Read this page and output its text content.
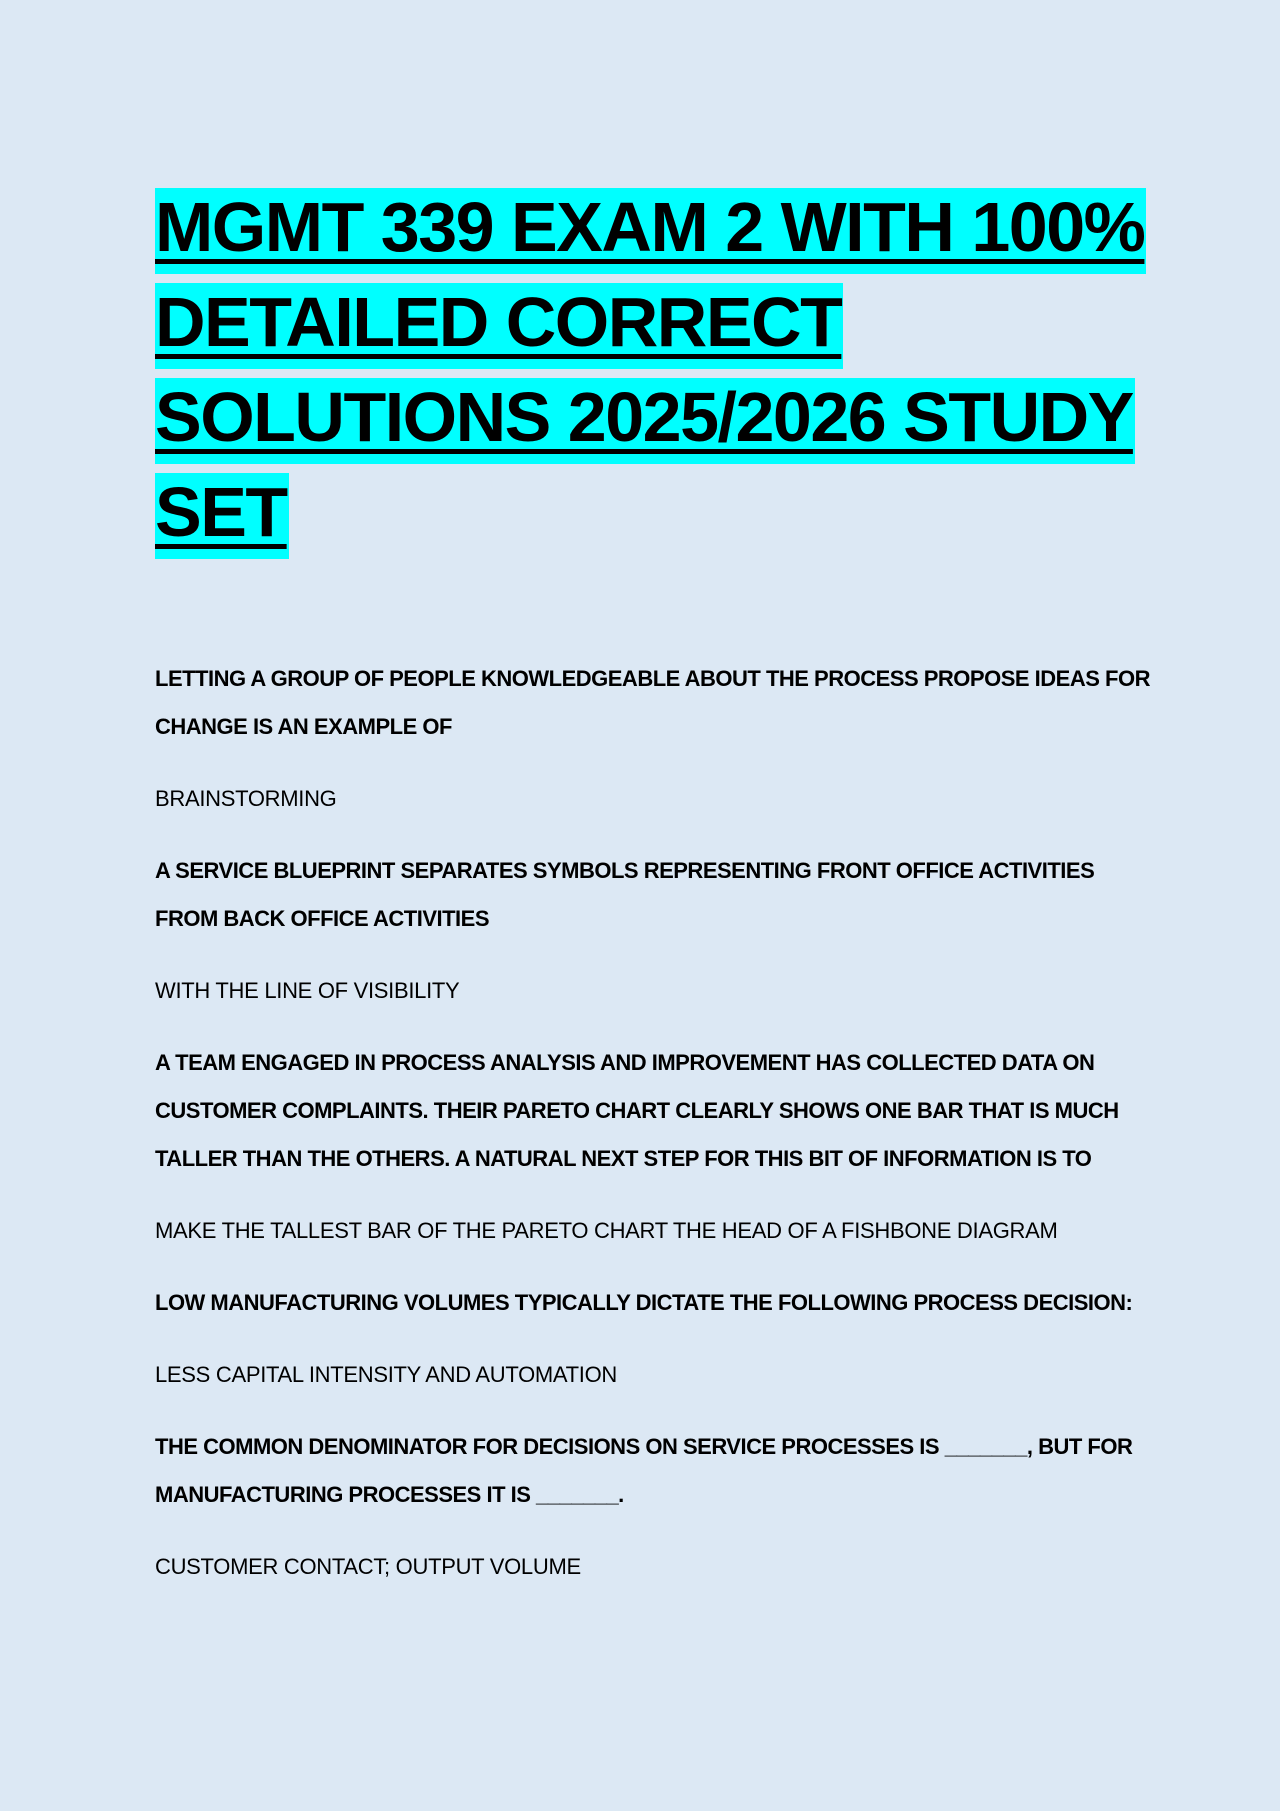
MGMT 339 EXAM 2 WITH 100% DETAILED CORRECT SOLUTIONS 2025/2026 STUDY SET

LETTING A GROUP OF PEOPLE KNOWLEDGEABLE ABOUT THE PROCESS PROPOSE IDEAS FOR CHANGE IS AN EXAMPLE OF

BRAINSTORMING

A SERVICE BLUEPRINT SEPARATES SYMBOLS REPRESENTING FRONT OFFICE ACTIVITIES FROM BACK OFFICE ACTIVITIES

WITH THE LINE OF VISIBILITY

A TEAM ENGAGED IN PROCESS ANALYSIS AND IMPROVEMENT HAS COLLECTED DATA ON CUSTOMER COMPLAINTS. THEIR PARETO CHART CLEARLY SHOWS ONE BAR THAT IS MUCH TALLER THAN THE OTHERS. A NATURAL NEXT STEP FOR THIS BIT OF INFORMATION IS TO

MAKE THE TALLEST BAR OF THE PARETO CHART THE HEAD OF A FISHBONE DIAGRAM

LOW MANUFACTURING VOLUMES TYPICALLY DICTATE THE FOLLOWING PROCESS DECISION:

LESS CAPITAL INTENSITY AND AUTOMATION

THE COMMON DENOMINATOR FOR DECISIONS ON SERVICE PROCESSES IS _______, BUT FOR MANUFACTURING PROCESSES IT IS _______.

CUSTOMER CONTACT; OUTPUT VOLUME
